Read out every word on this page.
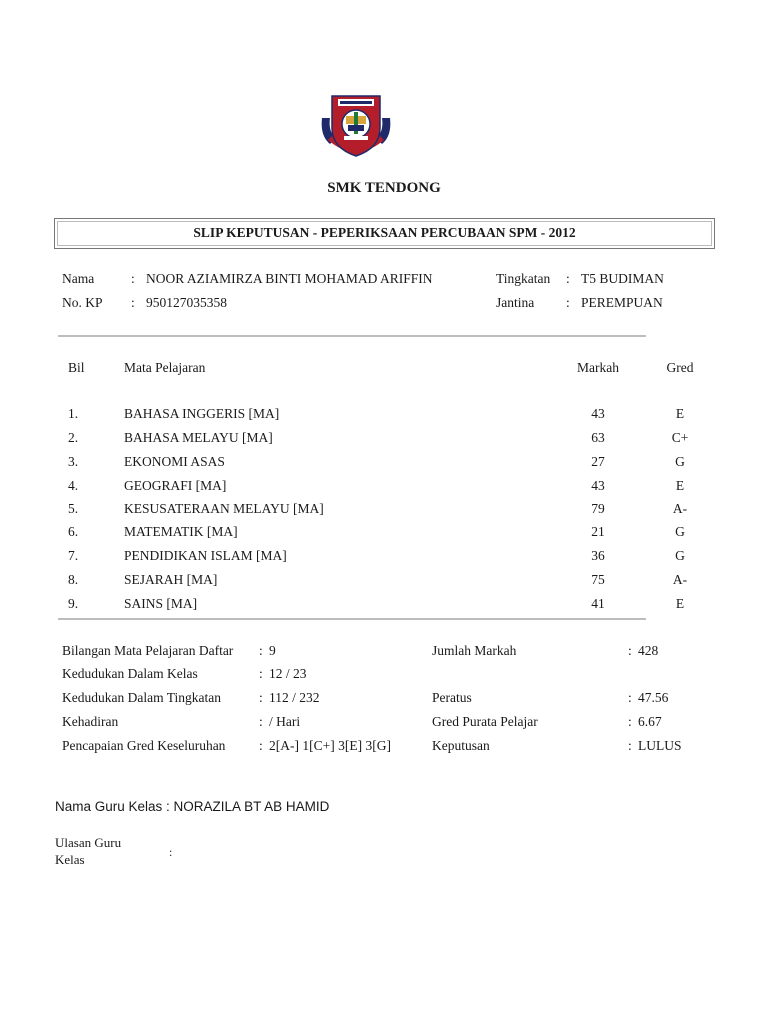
SMK TENDONG
SLIP KEPUTUSAN - PEPERIKSAAN PERCUBAAN SPM - 2012
Nama	: NOOR AZIAMIRZA BINTI MOHAMAD ARIFFIN	Tingkatan : T5 BUDIMAN
No. KP : 950127035358	Jantina : PEREMPUAN
Bil	Mata Pelajaran	Markah	Gred
1.	BAHASA INGGERIS [MA]	43	E
2.	BAHASA MELAYU [MA]	63	C+
3.	EKONOMI ASAS	27	G
4.	GEOGRAFI [MA]	43	E
5.	KESUSATERAAN MELAYU [MA]	79	A-
6.	MATEMATIK [MA]	21	G
7.	PENDIDIKAN ISLAM [MA]	36	G
8.	SEJARAH [MA]	75	A-
9.	SAINS [MA]	41	E
Bilangan Mata Pelajaran Daftar : 9
Kedudukan Dalam Kelas	: 12 / 23
Kedudukan Dalam Tingkatan	: 112 / 232
Kehadiran	: / Hari
Pencapaian Gred Keseluruhan : 2[A-] 1[C+] 3[E] 3[G]
Jumlah Markah	: 428
Peratus	: 47.56
Gred Purata Pelajar	: 6.67
Keputusan	: LULUS
Nama Guru Kelas : NORAZILA BT AB HAMID
Ulasan Guru
Kelas	:
